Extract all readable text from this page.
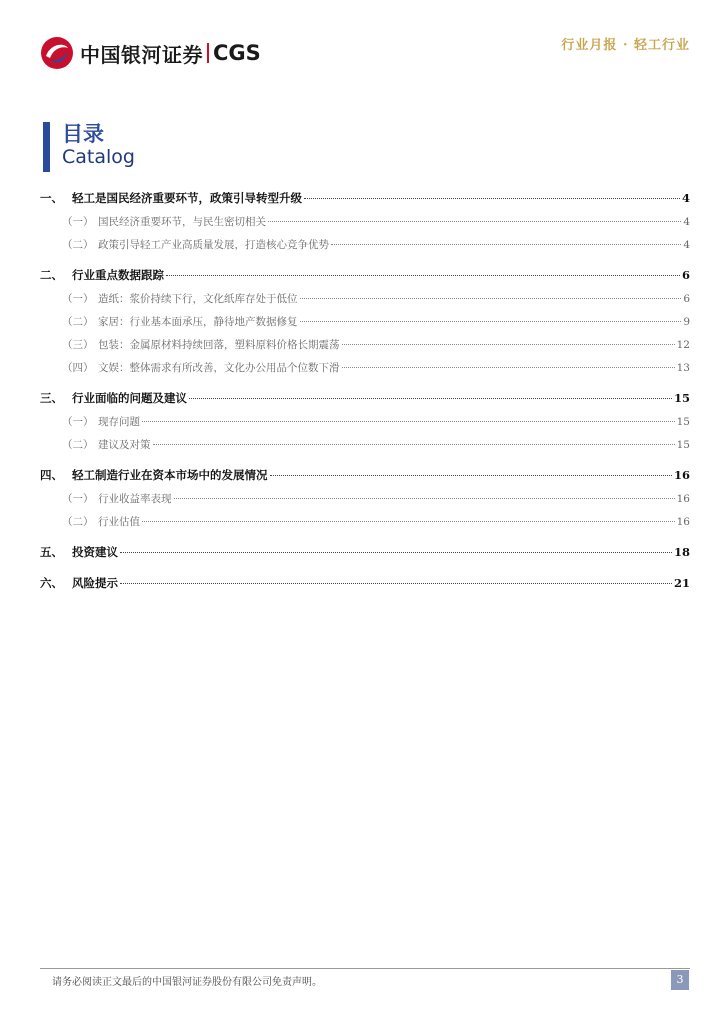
中国银河证券 CGS	行业月报 · 轻工行业
目录
Catalog
一、 轻工是国民经济重要环节，政策引导转型升级	4
（一） 国民经济重要环节，与民生密切相关	4
（二） 政策引导轻工产业高质量发展，打造核心竞争优势	4
二、 行业重点数据跟踪	6
（一） 造纸：浆价持续下行，文化纸库存处于低位	6
（二） 家居：行业基本面承压，静待地产数据修复	9
（三） 包装：金属原材料持续回落，塑料原料价格长期震荡	12
（四） 文娱：整体需求有所改善，文化办公用品个位数下滑	13
三、 行业面临的问题及建议	15
（一） 现存问题	15
（二） 建议及对策	15
四、 轻工制造行业在资本市场中的发展情况	16
（一） 行业收益率表现	16
（二） 行业估值	16
五、 投资建议	18
六、 风险提示	21
请务必阅读正文最后的中国银河证券股份有限公司免责声明。	3
